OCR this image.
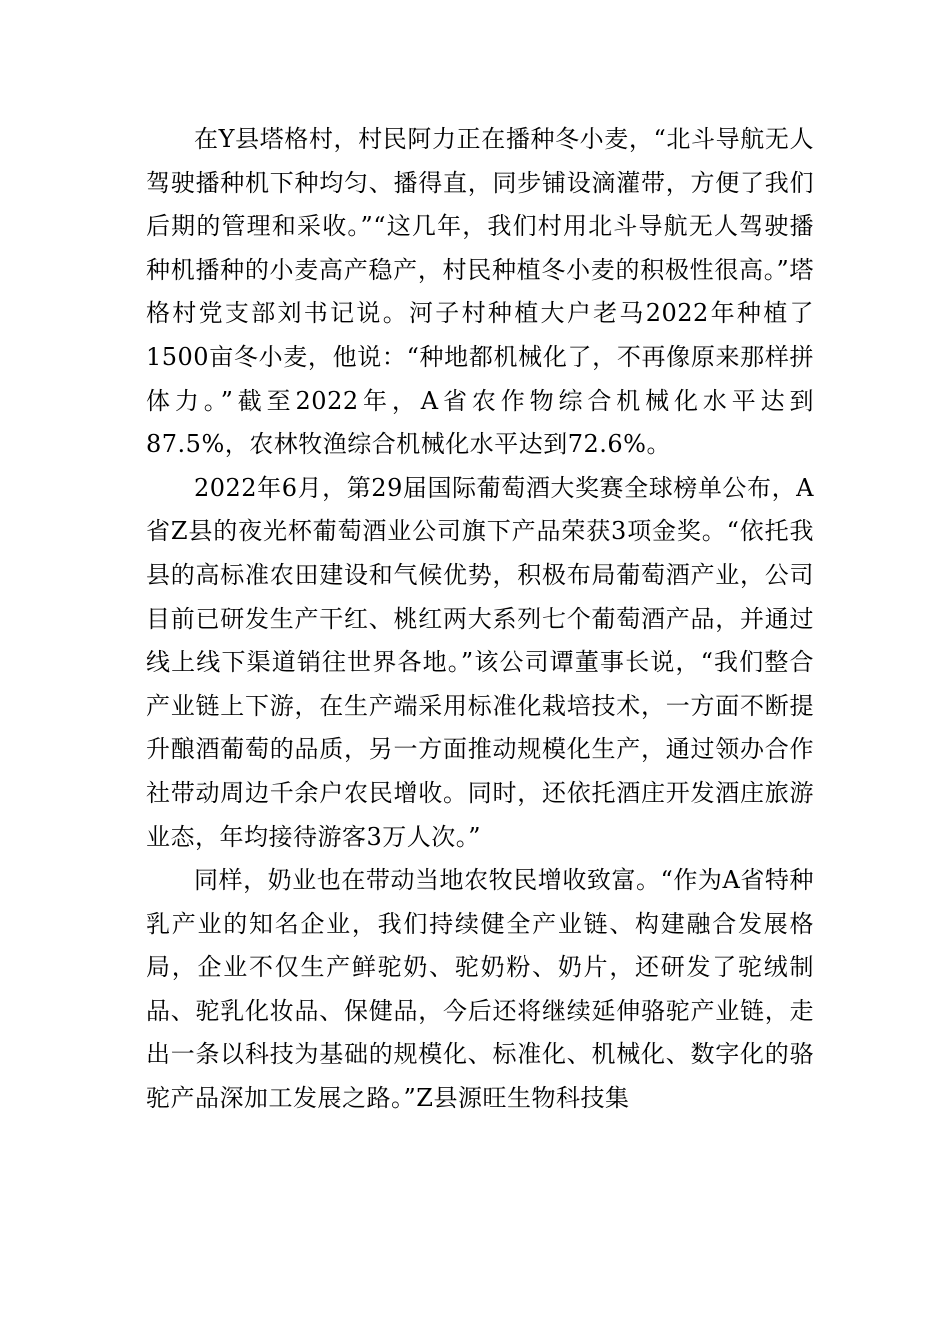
在Y县塔格村，村民阿力正在播种冬小麦，“北斗导航无人驾驶播种机下种均匀、播得直，同步铺设滴灌带，方便了我们后期的管理和采收。”“这几年，我们村用北斗导航无人驾驶播种机播种的小麦高产稳产，村民种植冬小麦的积极性很高。”塔格村党支部刘书记说。河子村种植大户老马2022年种植了1500亩冬小麦，他说：“种地都机械化了，不再像原来那样拼体力。”截至2022年，A省农作物综合机械化水平达到87.5%，农林牧渔综合机械化水平达到72.6%。

2022年6月，第29届国际葡萄酒大奖赛全球榜单公布，A省Z县的夜光杯葡萄酒业公司旗下产品荣获3项金奖。“依托我县的高标准农田建设和气候优势，积极布局葡萄酒产业，公司目前已研发生产干红、桃红两大系列七个葡萄酒产品，并通过线上线下渠道销往世界各地。”该公司谭董事长说，“我们整合产业链上下游，在生产端采用标准化栽培技术，一方面不断提升酿酒葡萄的品质，另一方面推动规模化生产，通过领办合作社带动周边千余户农民增收。同时，还依托酒庄开发酒庄旅游业态，年均接待游客3万人次。”

同样，奶业也在带动当地农牧民增收致富。“作为A省特种乳产业的知名企业，我们持续健全产业链、构建融合发展格局，企业不仅生产鲜驼奶、驼奶粉、奶片，还研发了驼绒制品、驼乳化妆品、保健品，今后还将继续延伸骆驼产业链，走出一条以科技为基础的规模化、标准化、机械化、数字化的骆驼产品深加工发展之路。”Z县源旺生物科技集
